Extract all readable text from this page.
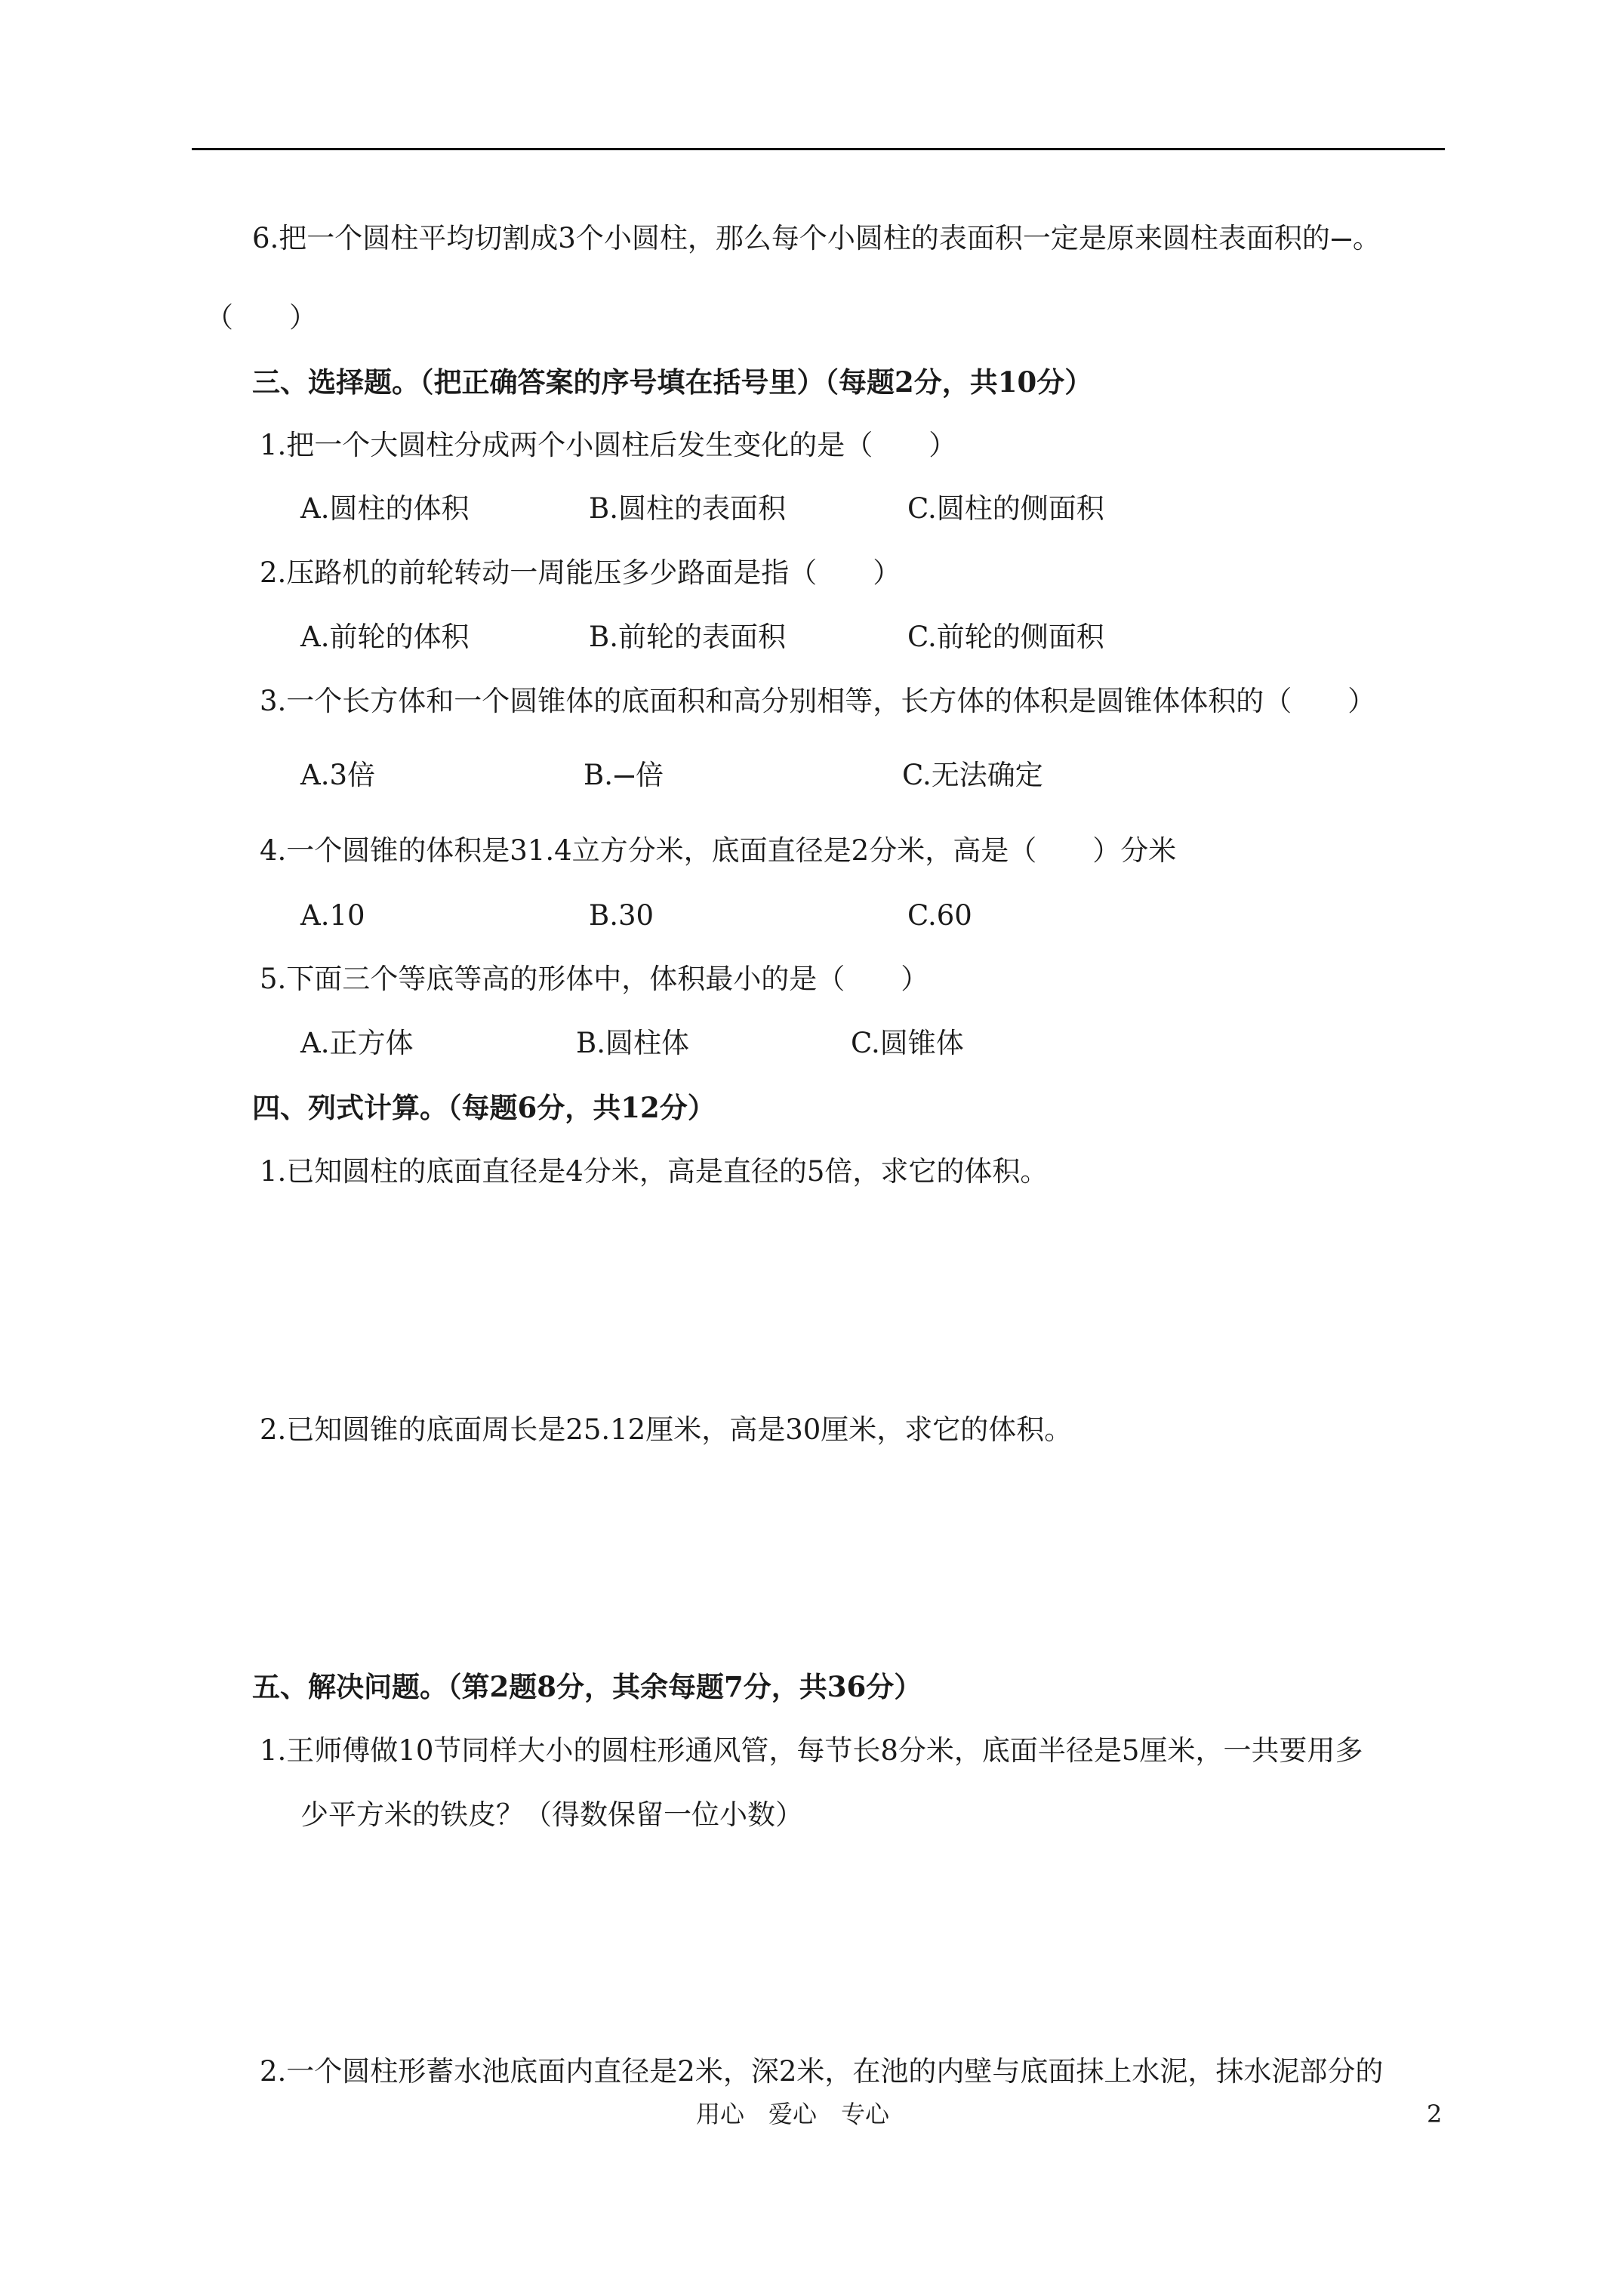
6.把一个圆柱平均切割成3个小圆柱，那么每个小圆柱的表面积一定是原来圆柱表面积的 。
（　　）
三、选择题。（把正确答案的序号填在括号里）（每题2分，共10分）
1.把一个大圆柱分成两个小圆柱后发生变化的是（　　）
A.圆柱的体积	B.圆柱的表面积	C.圆柱的侧面积
2.压路机的前轮转动一周能压多少路面是指（　　）
A.前轮的体积	B.前轮的表面积	C.前轮的侧面积
3.一个长方体和一个圆锥体的底面积和高分别相等，长方体的体积是圆锥体体积的（　　）
A.3倍	B. 倍	C.无法确定
4.一个圆锥的体积是31.4立方分米，底面直径是2分米，高是（　　）分米
A.10	B.30	C.60
5.下面三个等底等高的形体中，体积最小的是（　　）
A.正方体	B.圆柱体	C.圆锥体
四、列式计算。（每题6分，共12分）
1.已知圆柱的底面直径是4分米，高是直径的5倍，求它的体积。
2.已知圆锥的底面周长是25.12厘米，高是30厘米，求它的体积。
五、解决问题。（第2题8分，其余每题7分，共36分）
1.王师傅做10节同样大小的圆柱形通风管，每节长8分米，底面半径是5厘米，一共要用多
少平方米的铁皮？（得数保留一位小数）
2.一个圆柱形蓄水池底面内直径是2米，深2米，在池的内壁与底面抹上水泥，抹水泥部分的
用心　爱心　专心	2
